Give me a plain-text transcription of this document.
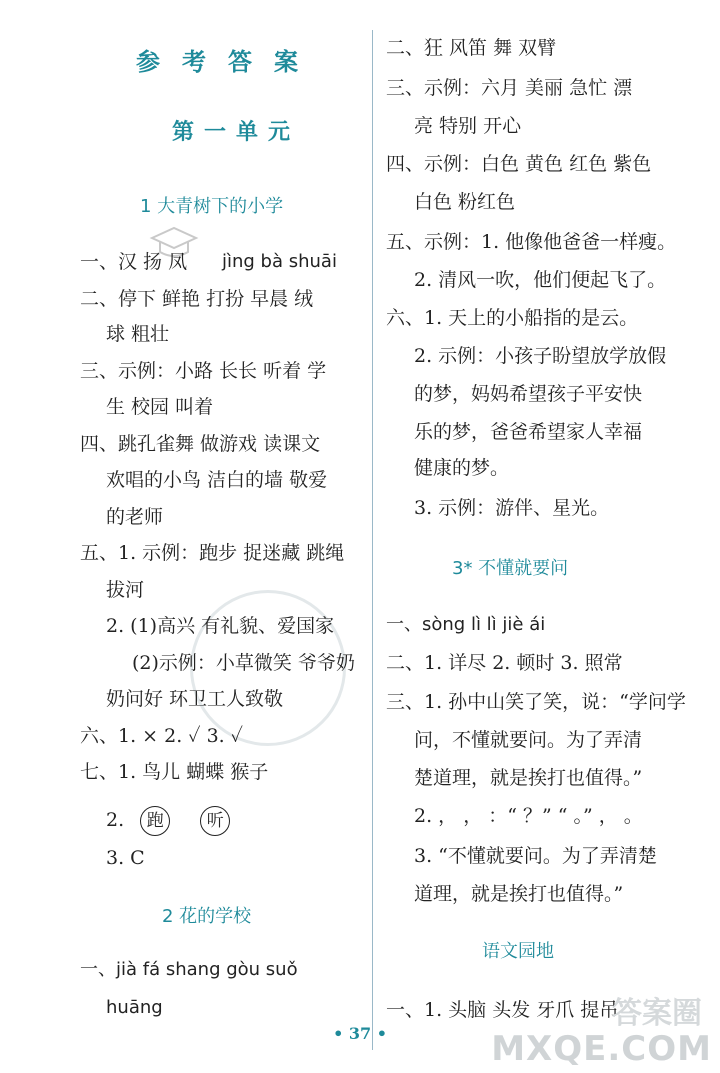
参考答案
第一单元
1 大青树下的小学
一、汉 扬 凤 jìng bà shuāi
二、停下 鲜艳 打扮 早晨 绒
球 粗壮
三、示例：小路 长长 听着 学
生 校园 叫着
四、跳孔雀舞 做游戏 读课文
欢唱的小鸟 洁白的墙 敬爱
的老师
五、1. 示例：跑步 捉迷藏 跳绳
拔河
2. (1)高兴 有礼貌、爱国家
(2)示例：小草微笑 爷爷奶
奶问好 环卫工人致敬
六、1. × 2. ✓ 3. ✓
七、1. 鸟儿 蝴蝶 猴子
3. C
2 花的学校
一、jià fá shang gòu suǒ
huāng
2. 跑	听
二、狂 风笛 舞 双臂
三、示例：六月 美丽 急忙 漂
亮 特别 开心
四、示例：白色 黄色 红色 紫色
白色 粉红色
五、示例：1. 他像他爸爸一样瘦。
2. 清风一吹，他们便起飞了。
六、1. 天上的小船指的是云。
2. 示例：小孩子盼望放学放假
的梦，妈妈希望孩子平安快
乐的梦，爸爸希望家人幸福
健康的梦。
3. 示例：游伴、星光。
3* 不懂就要问
一、sòng lì lì jiè ái
二、1. 详尽 2. 顿时 3. 照常
三、1. 孙中山笑了笑，说：“学问学
问，不懂就要问。为了弄清
楚道理，就是挨打也值得。”
2. ， ， ：“ ？” “ 。” ， 。
3. “不懂就要问。为了弄清楚
道理，就是挨打也值得。”
语文园地
一、1. 头脑 头发 牙爪 提吊
• 37 •
答案圈
MXQE.COM
